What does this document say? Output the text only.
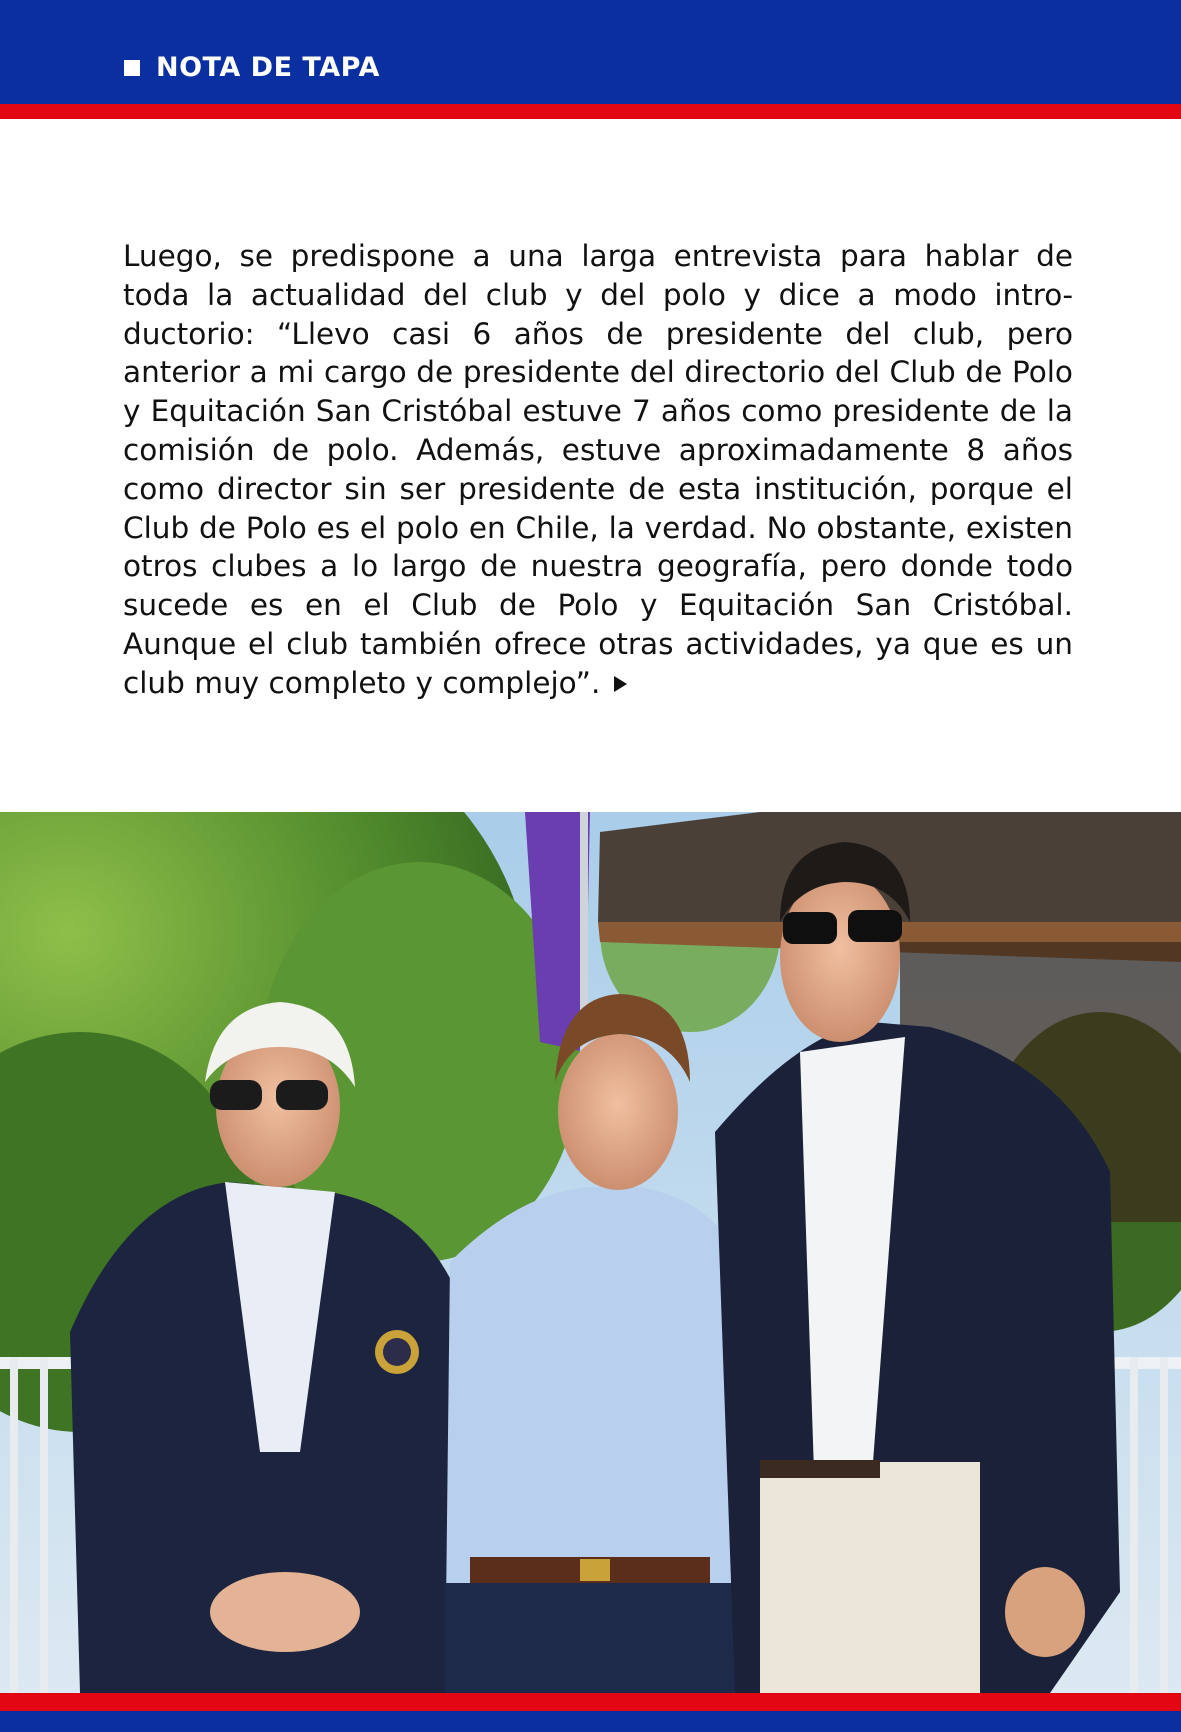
NOTA DE TAPA

Luego, se predispone a una larga entrevista para hablar de toda la actualidad del club y del polo y dice a modo introductorio: “Llevo casi 6 años de presidente del club, pero anterior a mi cargo de presidente del directorio del Club de Polo y Equitación San Cristóbal estuve 7 años como presidente de la comisión de polo. Además, estuve aproximadamente 8 años como director sin ser presidente de esta institución, porque el Club de Polo es el polo en Chile, la verdad. No obstante, existen otros clubes a lo largo de nuestra geografía, pero donde todo sucede es en el Club de Polo y Equitación San Cristóbal. Aunque el club también ofrece otras actividades, ya que es un club muy completo y complejo”.
